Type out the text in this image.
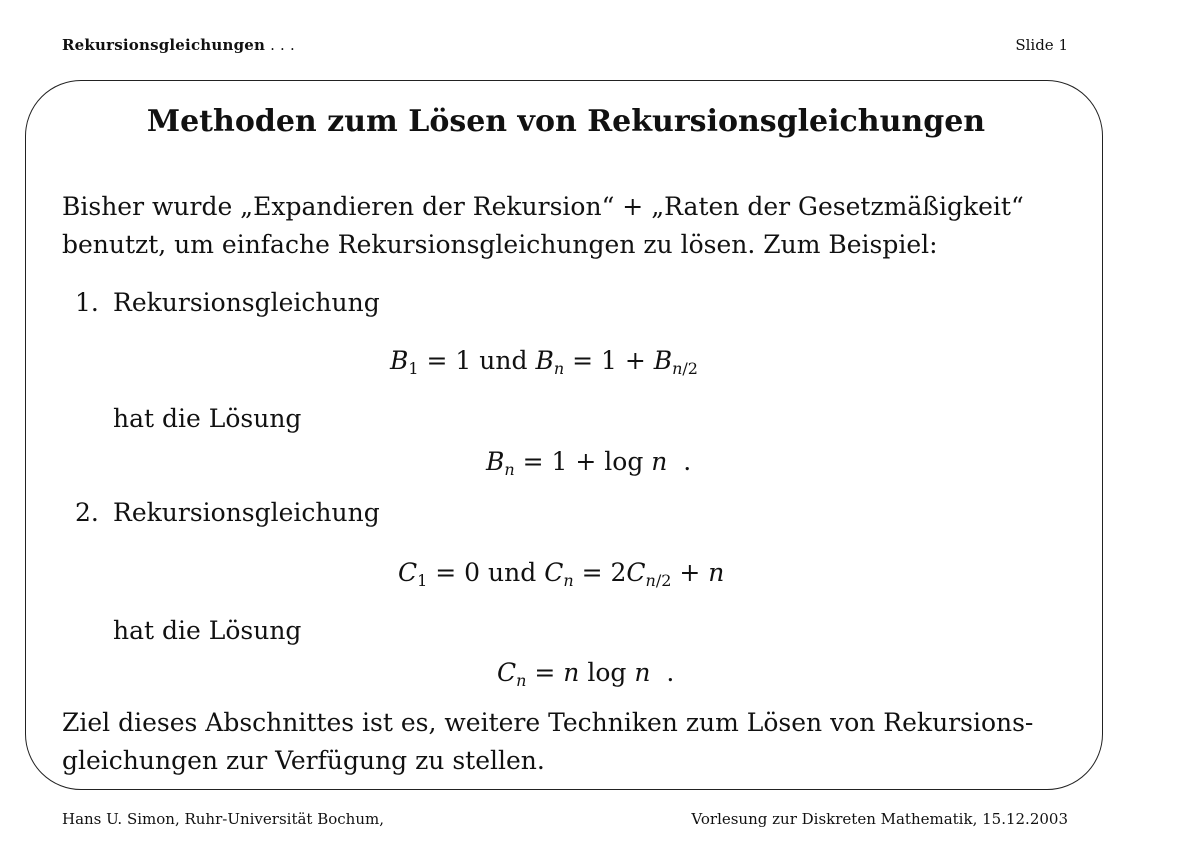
Rekursionsgleichungen . . .	Slide 1
Methoden zum Lösen von Rekursionsgleichungen
Bisher wurde „Expandieren der Rekursion“ + „Raten der Gesetzmäßigkeit“
benutzt, um einfache Rekursionsgleichungen zu lösen. Zum Beispiel:
1. Rekursionsgleichung
$B_1 = 1$ und $B_n = 1 + B_{n/2}$
hat die Lösung
$B_n = 1 + \log n$  .
2. Rekursionsgleichung
$C_1 = 0$ und $C_n = 2C_{n/2} + n$
hat die Lösung
$C_n = n$ log n  .
Ziel dieses Abschnittes ist es, weitere Techniken zum Lösen von Rekursions-
gleichungen zur Verfügung zu stellen.
Hans U. Simon, Ruhr-Universität Bochum,	Vorlesung zur Diskreten Mathematik, 15.12.2003
